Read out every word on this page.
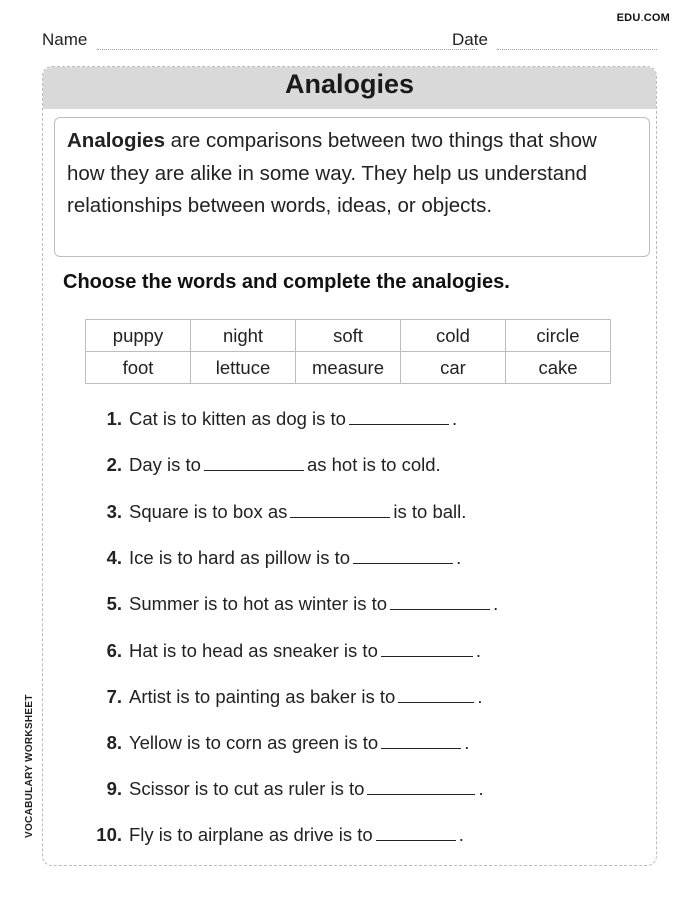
EDU.COM
Name	Date
Analogies
Analogies are comparisons between two things that show how they are alike in some way. They help us understand relationships between words, ideas, or objects.
Choose the words and complete the analogies.
puppy	night	soft	cold	circle
foot	lettuce	measure	car	cake
1. Cat is to kitten as dog is to	.
2. Day is to	as hot is to cold.
3. Square is to box as	is to ball.
4. Ice is to hard as pillow is to	.
5. Summer is to hot as winter is to	.
6. Hat is to head as sneaker is to	.
7. Artist is to painting as baker is to	.
8. Yellow is to corn as green is to	.
9. Scissor is to cut as ruler is to	.
10. Fly is to airplane as drive is to	.
VOCABULARY WORKSHEET
